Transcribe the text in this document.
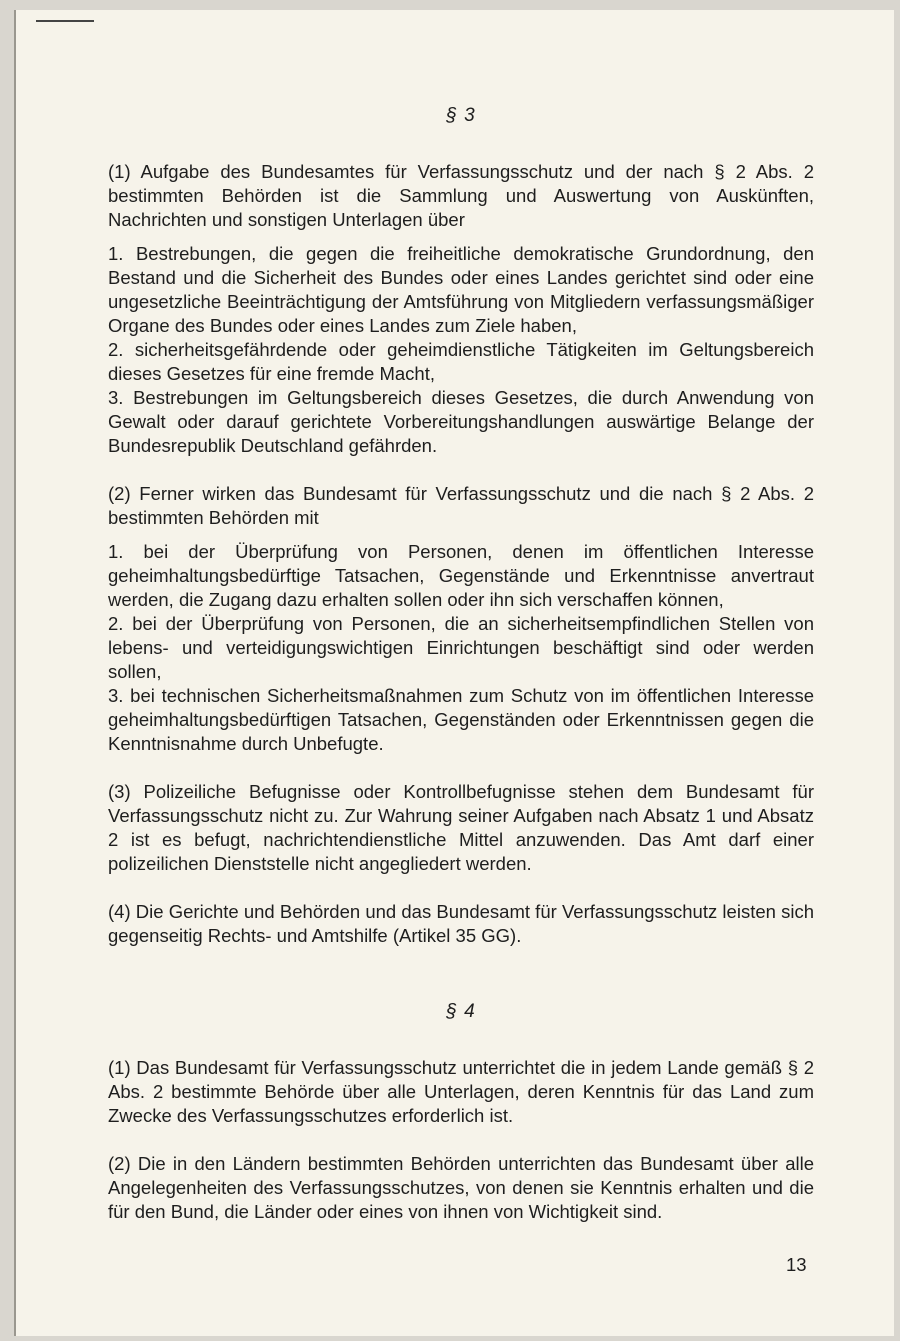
§ 3

(1) Aufgabe des Bundesamtes für Verfassungsschutz und der nach § 2 Abs. 2 bestimmten Behörden ist die Sammlung und Auswertung von Auskünften, Nachrichten und sonstigen Unterlagen über

1. Bestrebungen, die gegen die freiheitliche demokratische Grundordnung, den Bestand und die Sicherheit des Bundes oder eines Landes gerichtet sind oder eine ungesetzliche Beeinträchtigung der Amtsführung von Mitgliedern verfassungsmäßiger Organe des Bundes oder eines Landes zum Ziele haben,

2. sicherheitsgefährdende oder geheimdienstliche Tätigkeiten im Geltungsbereich dieses Gesetzes für eine fremde Macht,

3. Bestrebungen im Geltungsbereich dieses Gesetzes, die durch Anwendung von Gewalt oder darauf gerichtete Vorbereitungshandlungen auswärtige Belange der Bundesrepublik Deutschland gefährden.

(2) Ferner wirken das Bundesamt für Verfassungsschutz und die nach § 2 Abs. 2 bestimmten Behörden mit

1. bei der Überprüfung von Personen, denen im öffentlichen Interesse geheimhaltungsbedürftige Tatsachen, Gegenstände und Erkenntnisse anvertraut werden, die Zugang dazu erhalten sollen oder ihn sich verschaffen können,

2. bei der Überprüfung von Personen, die an sicherheitsempfindlichen Stellen von lebens- und verteidigungswichtigen Einrichtungen beschäftigt sind oder werden sollen,

3. bei technischen Sicherheitsmaßnahmen zum Schutz von im öffentlichen Interesse geheimhaltungsbedürftigen Tatsachen, Gegenständen oder Erkenntnissen gegen die Kenntnisnahme durch Unbefugte.

(3) Polizeiliche Befugnisse oder Kontrollbefugnisse stehen dem Bundesamt für Verfassungsschutz nicht zu. Zur Wahrung seiner Aufgaben nach Absatz 1 und Absatz 2 ist es befugt, nachrichtendienstliche Mittel anzuwenden. Das Amt darf einer polizeilichen Dienststelle nicht angegliedert werden.

(4) Die Gerichte und Behörden und das Bundesamt für Verfassungsschutz leisten sich gegenseitig Rechts- und Amtshilfe (Artikel 35 GG).

§ 4

(1) Das Bundesamt für Verfassungsschutz unterrichtet die in jedem Lande gemäß § 2 Abs. 2 bestimmte Behörde über alle Unterlagen, deren Kenntnis für das Land zum Zwecke des Verfassungsschutzes erforderlich ist.

(2) Die in den Ländern bestimmten Behörden unterrichten das Bundesamt über alle Angelegenheiten des Verfassungsschutzes, von denen sie Kenntnis erhalten und die für den Bund, die Länder oder eines von ihnen von Wichtigkeit sind.

13
